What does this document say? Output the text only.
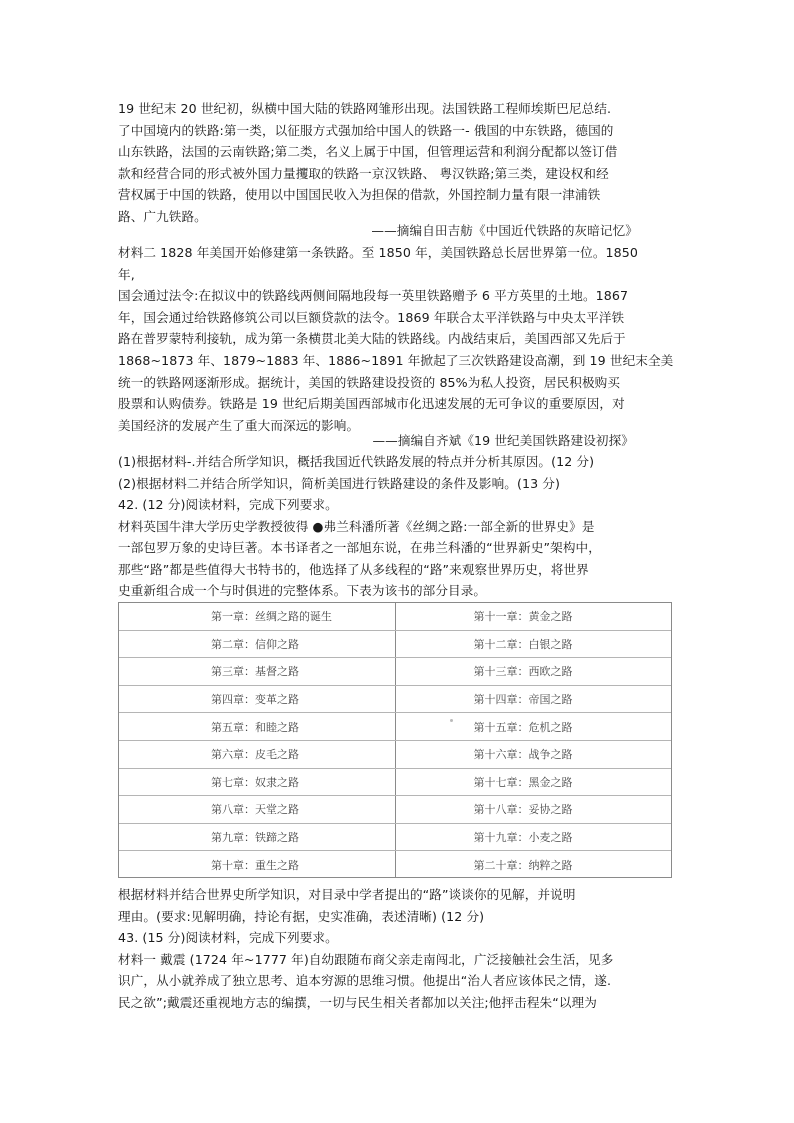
19 世纪末 20 世纪初，纵横中国大陆的铁路网雏形出现。法国铁路工程师埃斯巴尼总结.

了中国境内的铁路:第一类，以征服方式强加给中国人的铁路一- 俄国的中东铁路，德国的

山东铁路，法国的云南铁路;第二类，名义上属于中国，但管理运营和利润分配都以签订借

款和经营合同的形式被外国力量攫取的铁路一京汉铁路、 粤汉铁路;第三类，建设权和经

营权属于中国的铁路，使用以中国国民收入为担保的借款，外国控制力量有限一津浦铁

路、广九铁路。

——摘编自田吉舫《中国近代铁路的灰暗记忆》

材料二 1828 年美国开始修建第一条铁路。至 1850 年，美国铁路总长居世界第一位。1850

年,

国会通过法令:在拟议中的铁路线两侧间隔地段每一英里铁路赠予 6 平方英里的土地。1867

年，国会通过给铁路修筑公司以巨额贷款的法令。1869 年联合太平洋铁路与中央太平洋铁

路在普罗蒙特利接轨，成为第一条横贯北美大陆的铁路线。内战结束后，美国西部又先后于

1868~1873 年、1879~1883 年、1886~1891 年掀起了三次铁路建设高潮，到 19 世纪末全美

统一的铁路网逐渐形成。据统计，美国的铁路建设投资的 85%为私人投资，居民积极购买

股票和认购债券。铁路是 19 世纪后期美国西部城市化迅速发展的无可争议的重要原因，对

美国经济的发展产生了重大而深远的影响。

——摘编自齐斌《19 世纪美国铁路建设初探》

(1)根据材料-.并结合所学知识，概括我国近代铁路发展的特点并分析其原因。(12 分)

(2)根据材料二并结合所学知识，简析美国进行铁路建设的条件及影响。(13 分)

42. (12 分)阅读材料，完成下列要求。

材料英国牛津大学历史学教授彼得 ●弗兰科潘所著《丝绸之路:一部全新的世界史》是

一部包罗万象的史诗巨著。本书译者之一部旭东说，在弗兰科潘的“世界新史”架构中，

那些“路”都是些值得大书特书的，他选择了从多线程的“路”来观察世界历史，将世界

史重新组合成一个与时俱进的完整体系。下表为该书的部分目录。

第一章：丝绸之路的诞生	第十一章：黄金之路
第二章：信仰之路	第十二章：白银之路
第三章：基督之路	第十三章：西欧之路
第四章：变革之路	第十四章：帝国之路
第五章：和睦之路	第十五章：危机之路
第六章：皮毛之路	第十六章：战争之路
第七章：奴隶之路	第十七章：黑金之路
第八章：天堂之路	第十八章：妥协之路
第九章：铁蹄之路	第十九章：小麦之路
第十章：重生之路	第二十章：纳粹之路

根据材料并结合世界史所学知识，对目录中学者提出的“路”谈谈你的见解，并说明

理由。(要求:见解明确，持论有据，史实准确，表述清晰) (12 分)

43. (15 分)阅读材料，完成下列要求。

材料一 戴震 (1724 年~1777 年)自幼跟随布商父亲走南闯北，广泛接触社会生活，见多

识广，从小就养成了独立思考、追本穷源的思维习惯。他提出“治人者应该体民之情，遂.

民之欲”;戴震还重视地方志的编撰，一切与民生相关者都加以关注;他抨击程朱“以理为
